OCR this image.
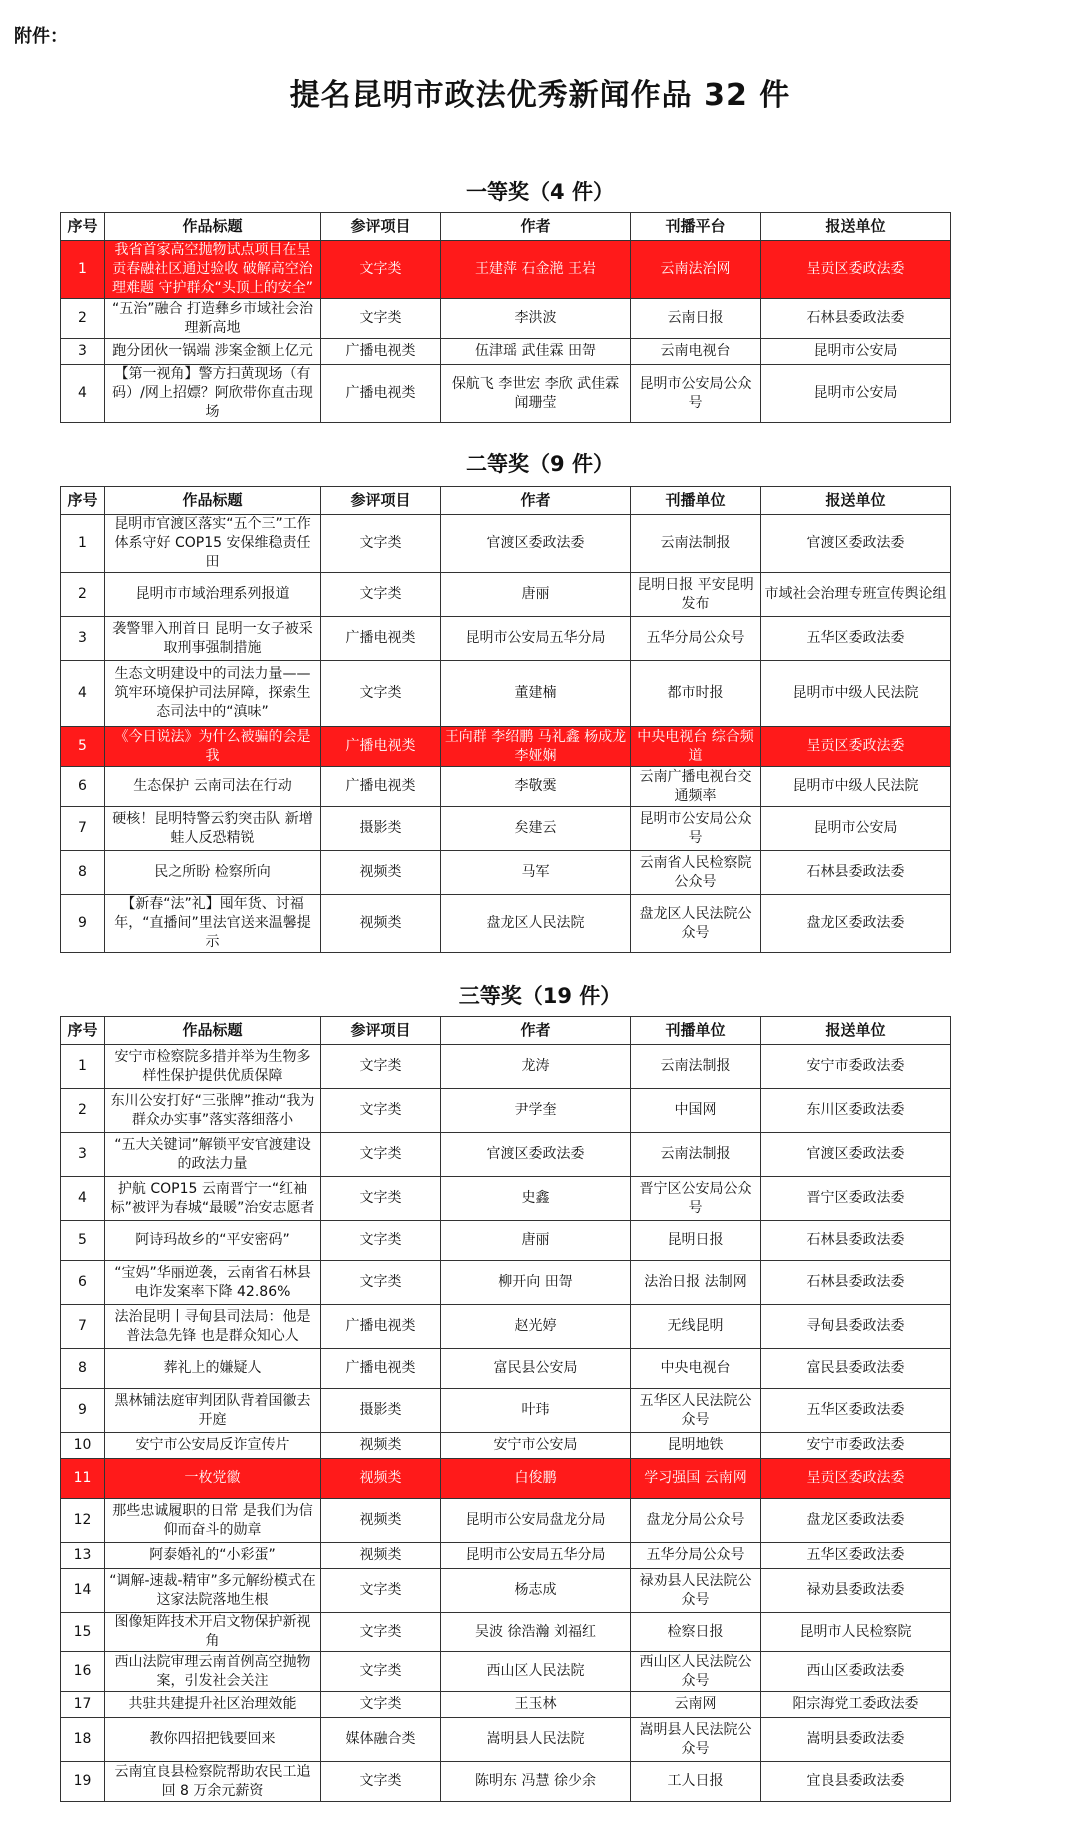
附件：
提名昆明市政法优秀新闻作品 32 件
一等奖（4 件）
序号	作品标题	参评项目	作者	刊播平台	报送单位
1	我省首家高空抛物试点项目在呈贡春融社区通过验收 破解高空治理难题 守护群众“头顶上的安全”	文字类	王建萍 石金滟 王岩	云南法治网	呈贡区委政法委
2	“五治”融合 打造彝乡市域社会治理新高地	文字类	李洪波	云南日报	石林县委政法委
3	跑分团伙一锅端 涉案金额上亿元	广播电视类	伍津瑶 武佳霖 田哿	云南电视台	昆明市公安局
4	【第一视角】警方扫黄现场（有码）/网上招嫖？阿欣带你直击现场	广播电视类	保航飞 李世宏 李欣 武佳霖 闻珊莹	昆明市公安局公众号	昆明市公安局
二等奖（9 件）
序号	作品标题	参评项目	作者	刊播单位	报送单位
1	昆明市官渡区落实“五个三”工作体系守好 COP15 安保维稳责任田	文字类	官渡区委政法委	云南法制报	官渡区委政法委
2	昆明市市域治理系列报道	文字类	唐丽	昆明日报 平安昆明发布	市域社会治理专班宣传舆论组
3	袭警罪入刑首日 昆明一女子被采取刑事强制措施	广播电视类	昆明市公安局五华分局	五华分局公众号	五华区委政法委
4	生态文明建设中的司法力量——筑牢环境保护司法屏障，探索生态司法中的“滇味”	文字类	董建楠	都市时报	昆明市中级人民法院
5	《今日说法》为什么被骗的会是我	广播电视类	王向群 李绍鹏 马礼鑫 杨成龙 李娅娴	中央电视台 综合频道	呈贡区委政法委
6	生态保护 云南司法在行动	广播电视类	李敬霙	云南广播电视台交通频率	昆明市中级人民法院
7	硬核！昆明特警云豹突击队 新增蛙人反恐精锐	摄影类	矣建云	昆明市公安局公众号	昆明市公安局
8	民之所盼 检察所向	视频类	马军	云南省人民检察院公众号	石林县委政法委
9	【新春“法”礼】囤年货、讨福年，“直播间”里法官送来温馨提示	视频类	盘龙区人民法院	盘龙区人民法院公众号	盘龙区委政法委
三等奖（19 件）
序号	作品标题	参评项目	作者	刊播单位	报送单位
1	安宁市检察院多措并举为生物多样性保护提供优质保障	文字类	龙涛	云南法制报	安宁市委政法委
2	东川公安打好“三张牌”推动“我为群众办实事”落实落细落小	文字类	尹学奎	中国网	东川区委政法委
3	“五大关键词”解锁平安官渡建设的政法力量	文字类	官渡区委政法委	云南法制报	官渡区委政法委
4	护航 COP15 云南晋宁一“红袖标”被评为春城“最暖”治安志愿者	文字类	史鑫	晋宁区公安局公众号	晋宁区委政法委
5	阿诗玛故乡的“平安密码”	文字类	唐丽	昆明日报	石林县委政法委
6	“宝妈”华丽逆袭，云南省石林县电诈发案率下降 42.86%	文字类	柳开向 田哿	法治日报 法制网	石林县委政法委
7	法治昆明丨寻甸县司法局：他是普法急先锋 也是群众知心人	广播电视类	赵光婷	无线昆明	寻甸县委政法委
8	葬礼上的嫌疑人	广播电视类	富民县公安局	中央电视台	富民县委政法委
9	黑林铺法庭审判团队背着国徽去开庭	摄影类	叶玮	五华区人民法院公众号	五华区委政法委
10	安宁市公安局反诈宣传片	视频类	安宁市公安局	昆明地铁	安宁市委政法委
11	一枚党徽	视频类	白俊鹏	学习强国 云南网	呈贡区委政法委
12	那些忠诚履职的日常 是我们为信仰而奋斗的勋章	视频类	昆明市公安局盘龙分局	盘龙分局公众号	盘龙区委政法委
13	阿泰婚礼的“小彩蛋”	视频类	昆明市公安局五华分局	五华分局公众号	五华区委政法委
14	“调解-速裁-精审”多元解纷模式在这家法院落地生根	文字类	杨志成	禄劝县人民法院公众号	禄劝县委政法委
15	图像矩阵技术开启文物保护新视角	文字类	吴波 徐浩瀚 刘福红	检察日报	昆明市人民检察院
16	西山法院审理云南首例高空抛物案，引发社会关注	文字类	西山区人民法院	西山区人民法院公众号	西山区委政法委
17	共驻共建提升社区治理效能	文字类	王玉林	云南网	阳宗海党工委政法委
18	教你四招把钱要回来	媒体融合类	嵩明县人民法院	嵩明县人民法院公众号	嵩明县委政法委
19	云南宜良县检察院帮助农民工追回 8 万余元薪资	文字类	陈明东 冯慧 徐少余	工人日报	宜良县委政法委
